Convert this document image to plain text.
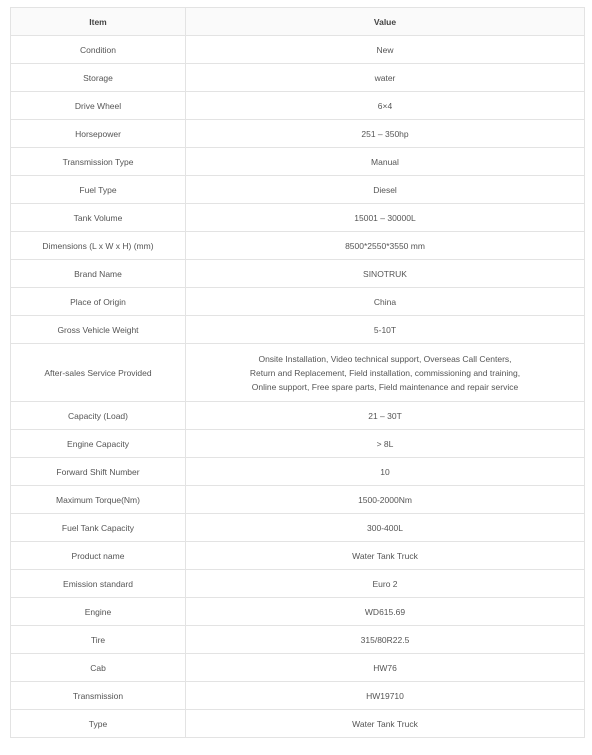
Item	Value
Condition	New
Storage	water
Drive Wheel	6×4
Horsepower	251 – 350hp
Transmission Type	Manual
Fuel Type	Diesel
Tank Volume	15001 – 30000L
Dimensions (L x W x H) (mm)	8500*2550*3550 mm
Brand Name	SINOTRUK
Place of Origin	China
Gross Vehicle Weight	5-10T
After-sales Service Provided	Onsite Installation, Video technical support, Overseas Call Centers,
Return and Replacement, Field installation, commissioning and training,
Online support, Free spare parts, Field maintenance and repair service
Capacity (Load)	21 – 30T
Engine Capacity	> 8L
Forward Shift Number	10
Maximum Torque(Nm)	1500-2000Nm
Fuel Tank Capacity	300-400L
Product name	Water Tank Truck
Emission standard	Euro 2
Engine	WD615.69
Tire	315/80R22.5
Cab	HW76
Transmission	HW19710
Type	Water Tank Truck
